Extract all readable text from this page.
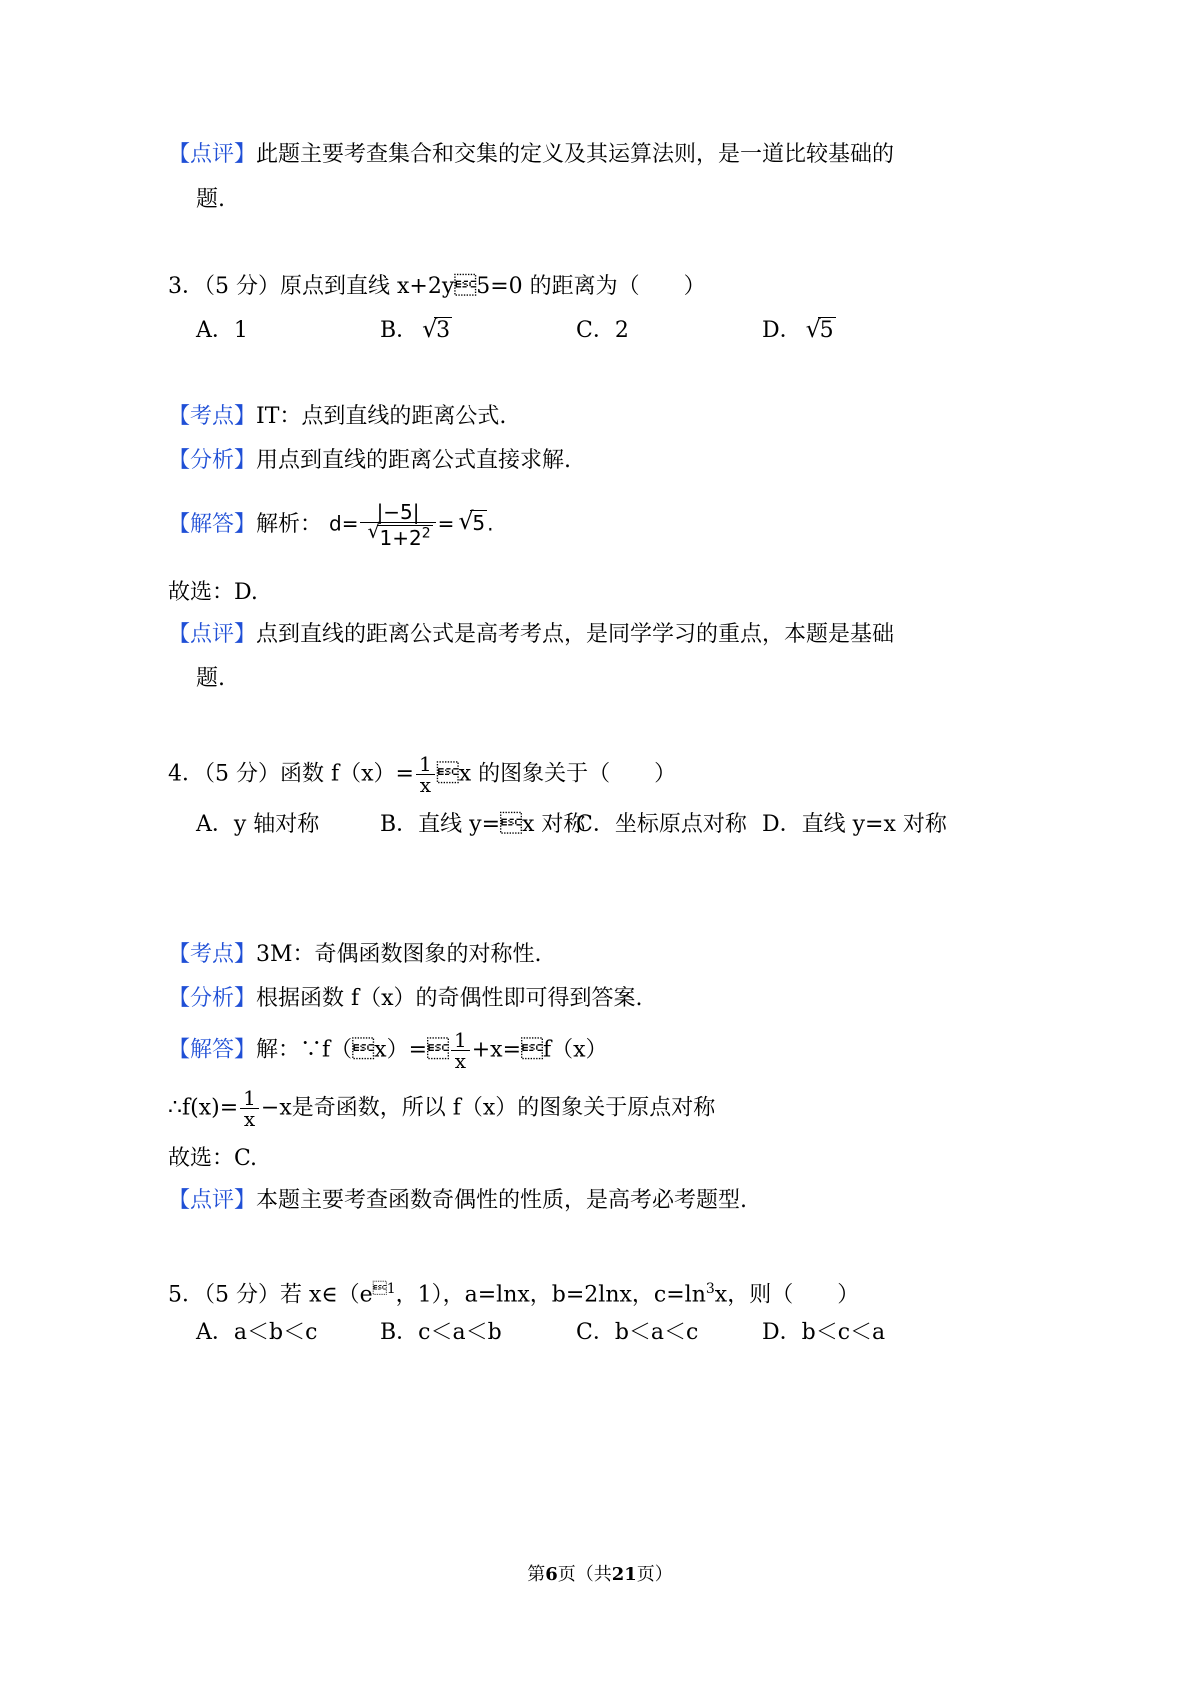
【点评】此题主要考查集合和交集的定义及其运算法则，是一道比较基础的
题.
3．（5 分）原点到直线 x+2y5=0 的距离为（　　）
A．1	B． √
3	C．2	D． √
5
【考点】IT：点到直线的距离公式.
【分析】用点到直线的距离公式直接求解.
【解答】解析： $d= \frac{|-5|}{√ 1+2^2}$ = √
5 .
故选：D.
【点评】点到直线的距离公式是高考考点，是同学学习的重点，本题是基础
题.
4．（5 分）函数 $f(x)= \frac{1}{x}$ x 的图象关于（　　）
A．y 轴对称	B．直线 y=x 对称
C．坐标原点对称 D．直线 y=x 对称
【考点】3M：奇偶函数图象的对称性.
【分析】根据函数 f（x）的奇偶性即可得到答案.
【解答】解：∵f（x）= $\frac{1}{x}$ +x=f（x）
∴f(x)= $\frac{1}{x} -x$是奇函数，所以 f（x）的图象关于原点对称
故选：C.
【点评】本题主要考查函数奇偶性的性质，是高考必考题型.
5．（5 分）若 $x\in(e^{1}$，1），a=lnx，b=2lnx，$c=\ln^3x$，则（　　）
A．a＜b＜c	B．c＜a＜b	C．b＜a＜c	D．b＜c＜a
第6页（共21页）
